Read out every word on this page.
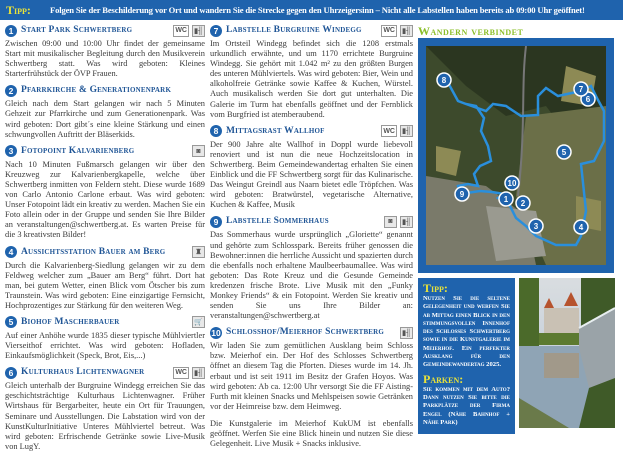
Tipp:	Folgen Sie der Beschilderung vor Ort und wandern Sie die Strecke gegen den Uhrzeigersinn – Nicht alle Labstellen haben bereits ab 09:00 Uhr geöffnet!
1 Start Park Schwertberg	WC ▮╢
Zwischen 09:00 und 10:00 Uhr findet der gemeinsame Start mit musikalischer Begleitung durch den Musikverein Schwertberg statt. Was wird geboten: Kleines Starterfrühstück der ÖVP Frauen.
2 Pfarrkirche & Generationenpark
Gleich nach dem Start gelangen wir nach 5 Minuten Gehzeit zur Pfarrkirche und zum Generationenpark. Was wird geboten: Dort gibt´s eine kleine Stärkung und einen schwungvollen Auftritt der Bläserkids.
3 Fotopoint Kalvarienberg	◙
Nach 10 Minuten Fußmarsch gelangen wir über den Kreuzweg zur Kalvarienbergkapelle, welche über Schwertberg inmitten von Feldern steht. Diese wurde 1689 von Carlo Antonio Carlone erbaut. Was wird geboten: Unser Fotopoint lädt ein kreativ zu werden. Machen Sie ein Foto allein oder in der Gruppe und senden Sie Ihre Bilder an veranstaltungen@schwertberg.at. Es warten Preise für die 3 kreativsten Bilder!
4 Aussichtsstation Bauer am Berg	♜
Durch die Kalvarienberg-Siedlung gelangen wir zu dem Feldweg welcher zum „Bauer am Berg“ führt. Dort hat man, bei gutem Wetter, einen Blick vom Ötscher bis zum Traunstein. Was wird geboten: Eine einzigartige Fernsicht, Hochprozentiges zur Stärkung für den weiteren Weg.
5 Biohof Mascherbauer	🛒
Auf einer Anhöhe wurde 1835 dieser typische Mühlviertler Vierseithof errichtet. Was wird geboten: Hofladen, Einkaufsmöglichkeit (Speck, Brot, Eis,...)
6 Kulturhaus Lichtenwagner	WC ▮╢
Gleich unterhalb der Burgruine Windegg erreichen Sie das geschichtsträchtige Kulturhaus Lichtenwagner. Früher Wirtshaus für Bergarbeiter, heute ein Ort für Trauungen, Seminare und Ausstellungen. Die Labstation wird von der KunstKulturInitiative Unteres Mühlviertel betreut. Was wird geboten: Erfrischende Getränke sowie Live-Musik von LugY.
7 Labstelle Burgruine Windegg	WC ▮╢
Im Ortsteil Windegg befindet sich die 1208 erstmals urkundlich erwähnte, und um 1170 errichtete Burgruine Windegg. Sie gehört mit 1.042 m² zu den größten Burgen des unteren Mühlviertels. Was wird geboten: Bier, Wein und alkoholfreie Getränke sowie Kaffee & Kuchen, Würstel. Auch musikalisch werden Sie dort gut unterhalten. Die Galerie im Turm hat ebenfalls geöffnet und der Fernblick vom Burgfried ist atemberaubend.
8 Mittagsrast Wallhof	WC ▮╢
Der 900 Jahre alte Wallhof in Doppl wurde liebevoll renoviert und ist nun die neue Hochzeitslocation in Schwertberg. Beim Gemeindewandertag erhalten Sie einen Einblick und die FF Schwertberg sorgt für das Kulinarische. Das Weingut Greindl aus Naarn bietet edle Tröpfchen. Was wird geboten: Bratwürstel, vegetarische Alternative, Kuchen & Kaffee, Musik
9 Labstelle Sommerhaus	◙	▮╢
Das Sommerhaus wurde ursprünglich „Gloriette“ genannt und gehörte zum Schlosspark. Bereits früher genossen die Bewohner:innen die herrliche Aussicht und spazierten durch die ebenfalls noch erhaltene Maulbeerbaumallee. Was wird geboten: Das Rote Kreuz und die Gesunde Gemeinde kredenzen frische Brote. Live Musik mit den „Funky Monkey Friends“ & ein Fotopoint. Werden Sie kreativ und senden Sie uns Ihre Bilder an: veranstaltungen@schwertberg.at
10 Schlosshof/Meierhof Schwertberg	▮╢
Wir laden Sie zum gemütlichen Ausklang beim Schloss bzw. Meierhof ein. Der Hof des Schlosses Schwertberg öffnet an diesem Tag die Pforten. Dieses wurde im 14. Jh. erbaut und ist seit 1911 im Besitz der Grafen Hoyos. Was wird geboten: Ab ca. 12:00 Uhr versorgt Sie die FF Aisting-Furth mit kleinen Snacks und Mehlspeisen sowie Getränken vor der Heimreise bzw. dem Heimweg.
Die Kunstgalerie im Meierhof KukUM ist ebenfalls geöffnet. Werfen Sie eine Blick hinein und nutzen Sie diese Gelegenheit. Live Musik + Snacks inklusive.
Wandern verbindet
1 2
3	4
5
6
7
8
9
10
Tipp:

Nutzen Sie die seltene Gelegenheit und werfen Sie ab Mittag einen Blick in den stimmungsvollen Innenhof des Schlosses Schwertberg sowie in die Kunstgalerie im Meierhof. Ein perfekter Ausklang für den Gemeindewandertag 2025.

Parken:

Sie kommen mit dem Auto? Dann nutzen Sie bitte die Parkplätze der Firma Engel (Nähe Bahnhof + Nähe Park)
